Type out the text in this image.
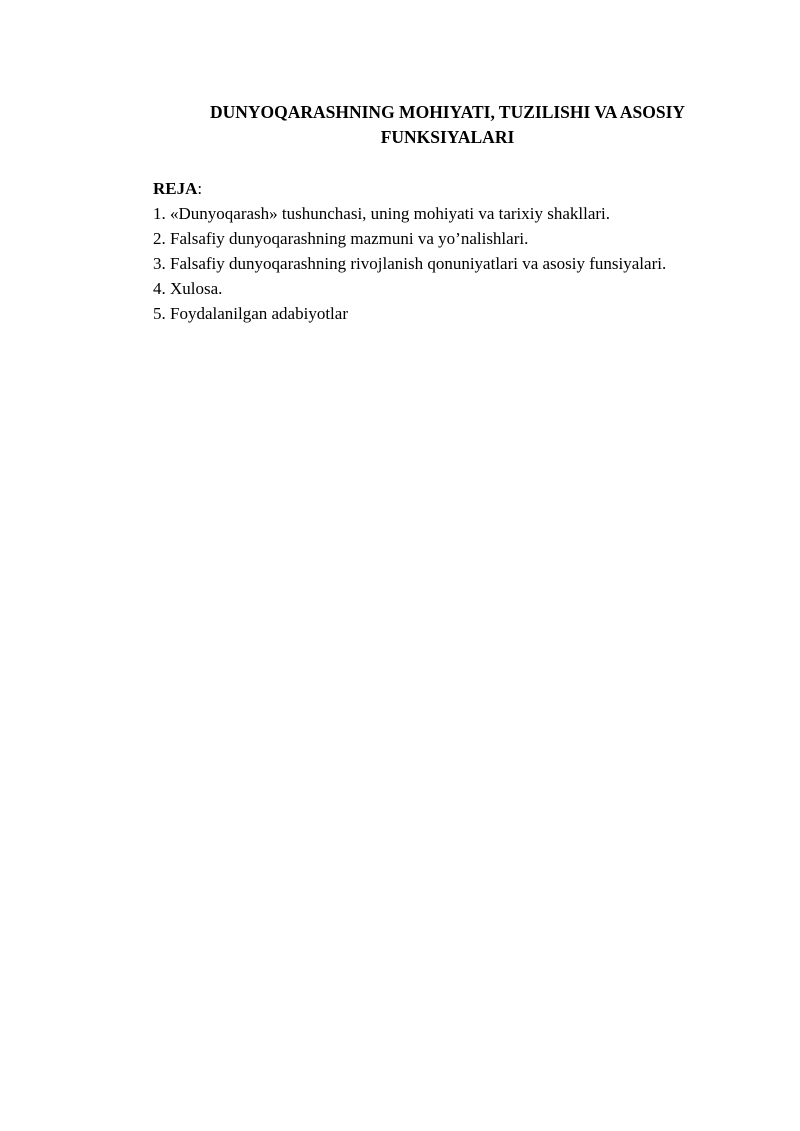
DUNYOQARASHNING MOHIYATI, TUZILISHI VA ASOSIY
FUNKSIYALARI

REJA:

1. «Dunyoqarash» tushunchasi, uning mohiyati va tarixiy shakllari.
2. Falsafiy dunyoqarashning mazmuni va yo’nalishlari.
3. Falsafiy dunyoqarashning rivojlanish qonuniyatlari va asosiy funsiyalari.
4. Xulosa.
5. Foydalanilgan adabiyotlar
